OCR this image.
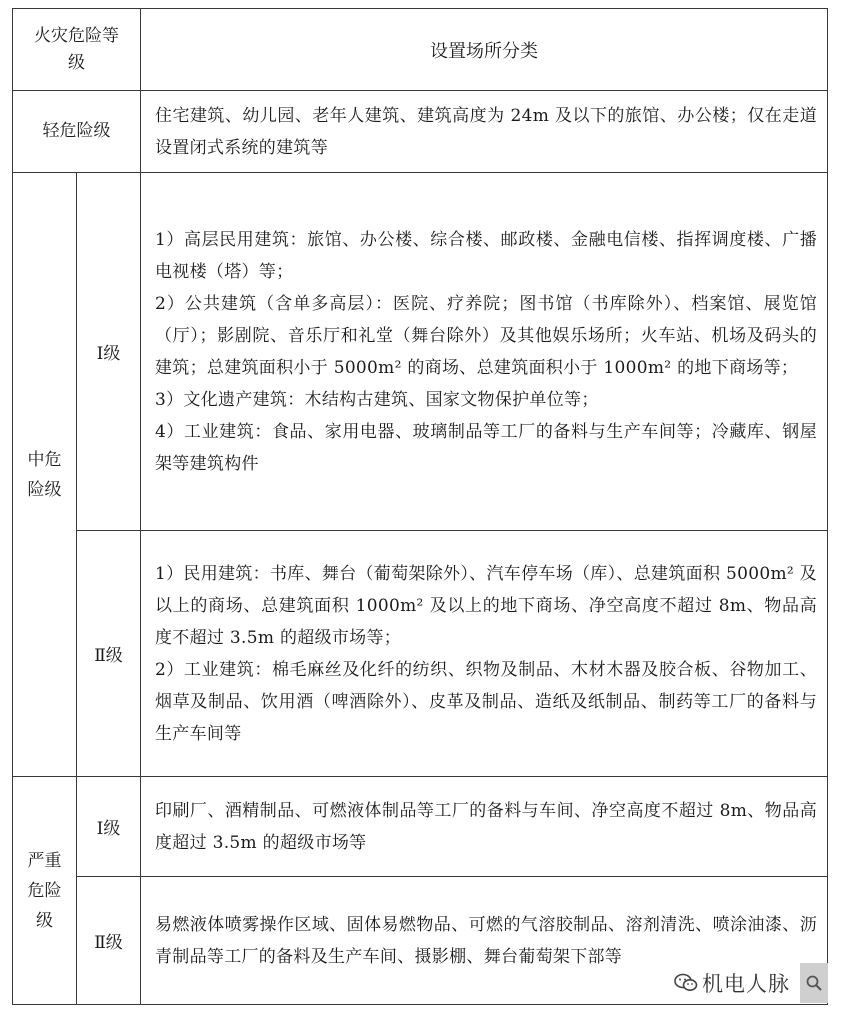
火灾危险等级		设置场所分类
轻危险级		住宅建筑、幼儿园、老年人建筑、建筑高度为 24m 及以下的旅馆、办公楼；仅在走道设置闭式系统的建筑等

中危险级	Ⅰ级	1）高层民用建筑：旅馆、办公楼、综合楼、邮政楼、金融电信楼、指挥调度楼、广播电视楼（塔）等；

2）公共建筑（含单多高层）：医院、疗养院；图书馆（书库除外）、档案馆、展览馆（厅）；影剧院、音乐厅和礼堂（舞台除外）及其他娱乐场所；火车站、机场及码头的建筑；总建筑面积小于 5000m² 的商场、总建筑面积小于 1000m² 的地下商场等；

3）文化遗产建筑：木结构古建筑、国家文物保护单位等；

4）工业建筑：食品、家用电器、玻璃制品等工厂的备料与生产车间等；冷藏库、钢屋架等建筑构件

	Ⅱ级	1）民用建筑：书库、舞台（葡萄架除外）、汽车停车场（库）、总建筑面积 5000m² 及以上的商场、总建筑面积 1000m² 及以上的地下商场、净空高度不超过 8m、物品高度不超过 3.5m 的超级市场等；

2）工业建筑：棉毛麻丝及化纤的纺织、织物及制品、木材木器及胶合板、谷物加工、烟草及制品、饮用酒（啤酒除外）、皮革及制品、造纸及纸制品、制药等工厂的备料与生产车间等

严重危险级	Ⅰ级	印刷厂、酒精制品、可燃液体制品等工厂的备料与车间、净空高度不超过 8m、物品高度超过 3.5m 的超级市场等

	Ⅱ级	易燃液体喷雾操作区域、固体易燃物品、可燃的气溶胶制品、溶剂清洗、喷涂油漆、沥青制品等工厂的备料及生产车间、摄影棚、舞台葡萄架下部等

机电人脉
